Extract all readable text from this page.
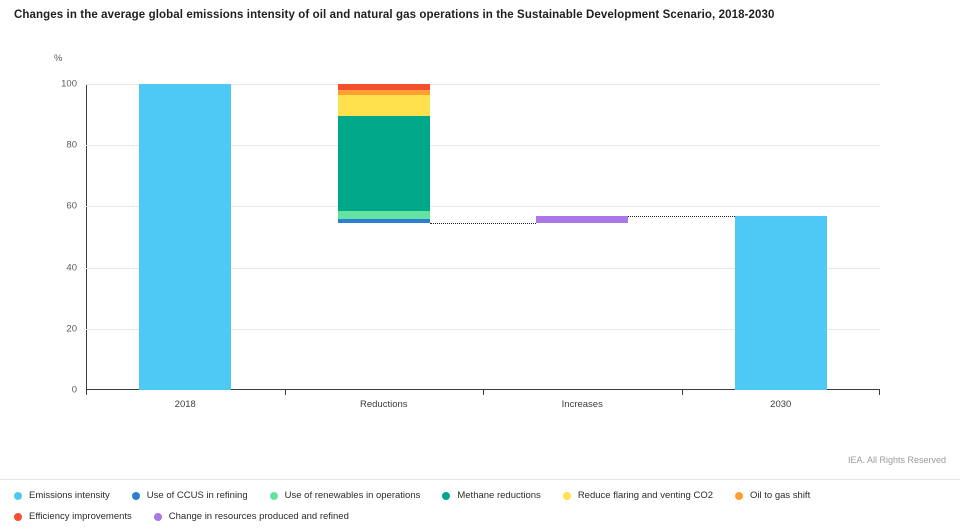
Changes in the average global emissions intensity of oil and natural gas operations in the Sustainable Development Scenario, 2018-2030
%
0
20
40
60
80
100
2018	Reductions	Increases	2030
IEA. All Rights Reserved
Emissions intensity	Use of CCUS in refining	Use of renewables in operations	Methane reductions	Reduce flaring and venting CO2	Oil to gas shift
Efficiency improvements	Change in resources produced and refined
